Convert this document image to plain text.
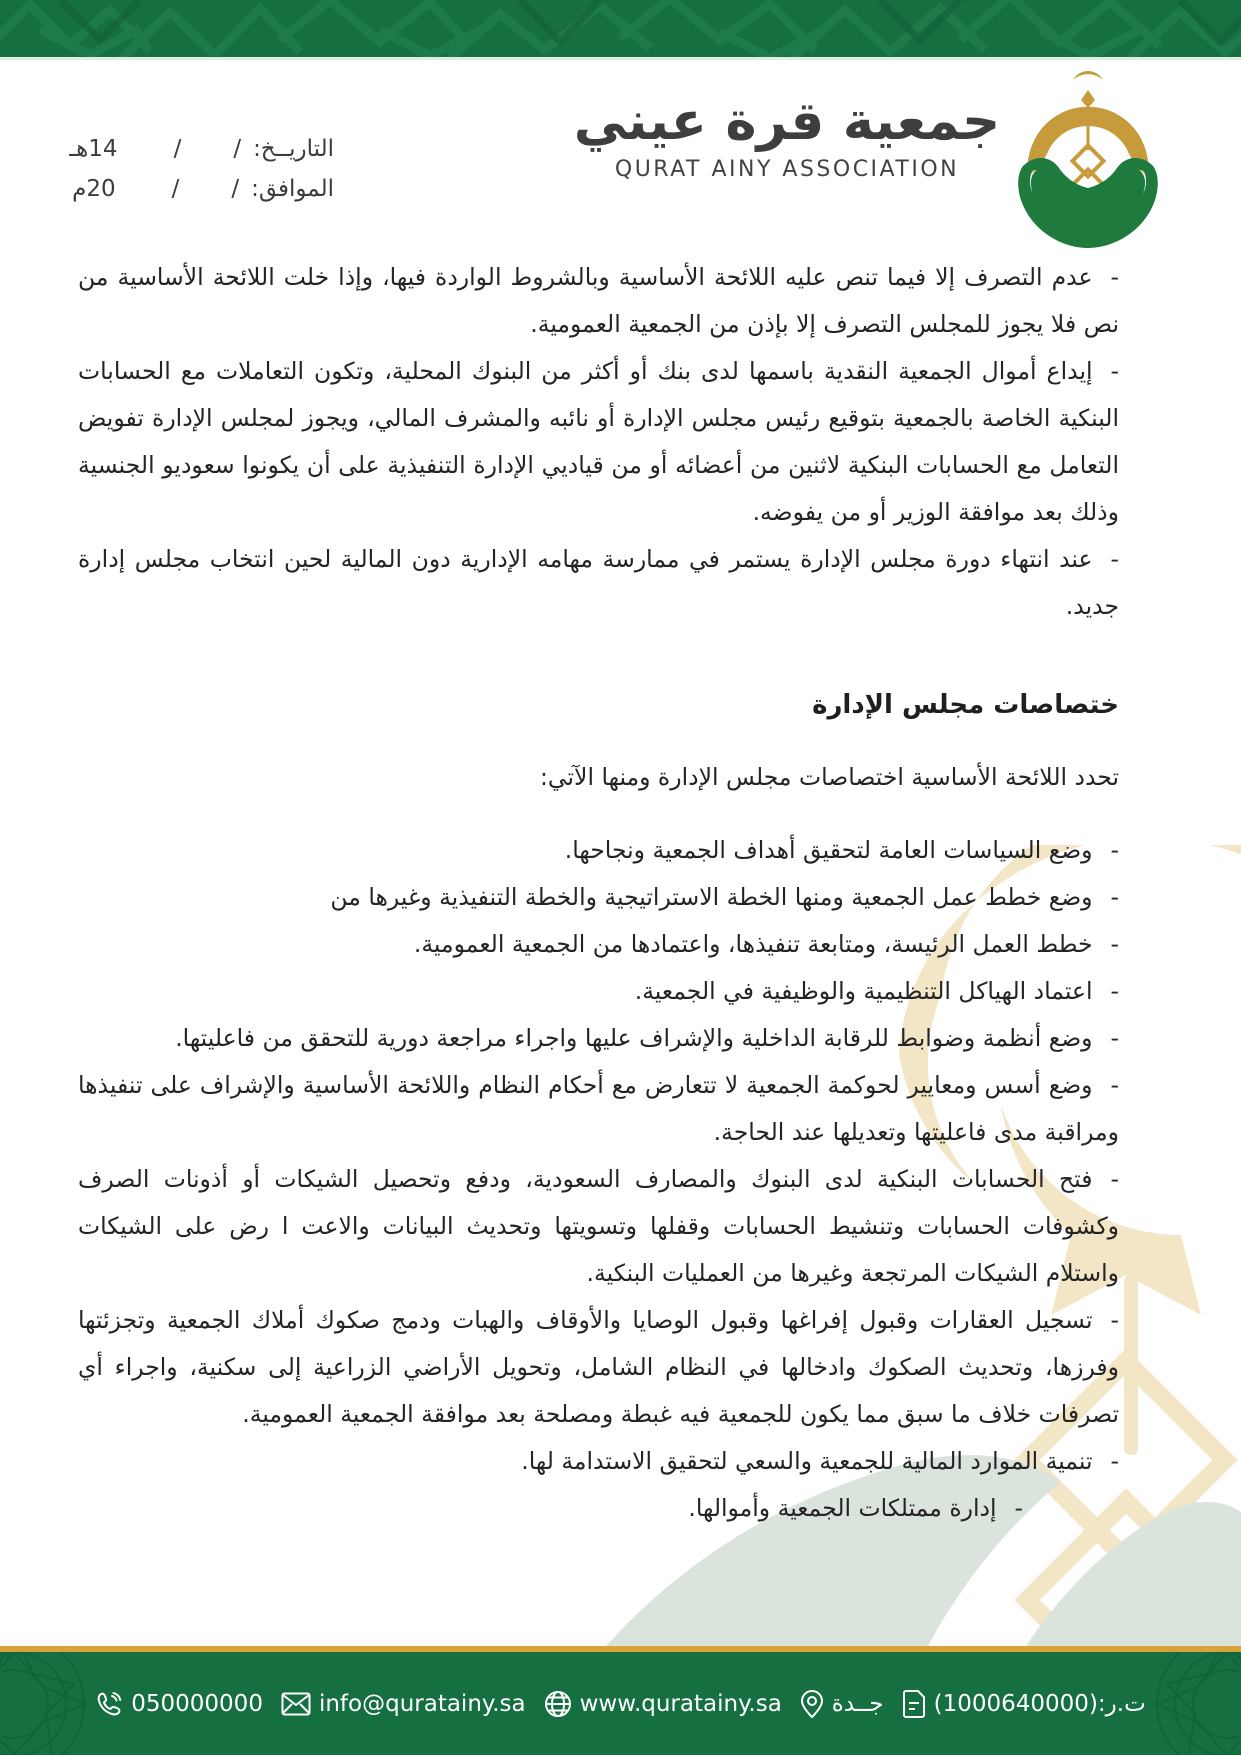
جمعية قرة عيني
QURAT AINY ASSOCIATION
التاريــخ:
/
/
14هـ
الموافق:
/
/
20م

-عدم التصرف إلا فيما تنص عليه اللائحة الأساسية وبالشروط الواردة فيها، وإذا خلت اللائحة الأساسية من نص فلا يجوز للمجلس التصرف إلا بإذن من الجمعية العمومية.

-إيداع أموال الجمعية النقدية باسمها لدى بنك أو أكثر من البنوك المحلية، وتكون التعاملات مع الحسابات البنكية الخاصة بالجمعية بتوقيع رئيس مجلس الإدارة أو نائبه والمشرف المالي، ويجوز لمجلس الإدارة تفويض التعامل مع الحسابات البنكية لاثنين من أعضائه أو من قياديي الإدارة التنفيذية على أن يكونوا سعوديو الجنسية وذلك بعد موافقة الوزير أو من يفوضه.

-عند انتهاء دورة مجلس الإدارة يستمر في ممارسة مهامه الإدارية دون المالية لحين انتخاب مجلس إدارة جديد.

ختصاصات مجلس الإدارة

تحدد اللائحة الأساسية اختصاصات مجلس الإدارة ومنها الآتي:

-وضع السياسات العامة لتحقيق أهداف الجمعية ونجاحها.

-وضع خطط عمل الجمعية ومنها الخطة الاستراتيجية والخطة التنفيذية وغيرها من

-خطط العمل الرئيسة، ومتابعة تنفيذها، واعتمادها من الجمعية العمومية.

-اعتماد الهياكل التنظيمية والوظيفية في الجمعية.

-وضع أنظمة وضوابط للرقابة الداخلية والإشراف عليها واجراء مراجعة دورية للتحقق من فاعليتها.

-وضع أسس ومعايير لحوكمة الجمعية لا تتعارض مع أحكام النظام واللائحة الأساسية والإشراف على تنفيذها ومراقبة مدى فاعليتها وتعديلها عند الحاجة.

-فتح الحسابات البنكية لدى البنوك والمصارف السعودية، ودفع وتحصيل الشيكات أو أذونات الصرف وكشوفات الحسابات وتنشيط الحسابات وقفلها وتسويتها وتحديث البيانات والاعت ا رض على الشيكات واستلام الشيكات المرتجعة وغيرها من العمليات البنكية.

-تسجيل العقارات وقبول إفراغها وقبول الوصايا والأوقاف والهبات ودمج صكوك أملاك الجمعية وتجزئتها وفرزها، وتحديث الصكوك وادخالها في النظام الشامل، وتحويل الأراضي الزراعية إلى سكنية، واجراء أي تصرفات خلاف ما سبق مما يكون للجمعية فيه غبطة ومصلحة بعد موافقة الجمعية العمومية.

-تنمية الموارد المالية للجمعية والسعي لتحقيق الاستدامة لها.

-إدارة ممتلكات الجمعية وأموالها.

050000000 info@quratainy.sa www.quratainy.sa جــدة ت.ر:(1000640000)
